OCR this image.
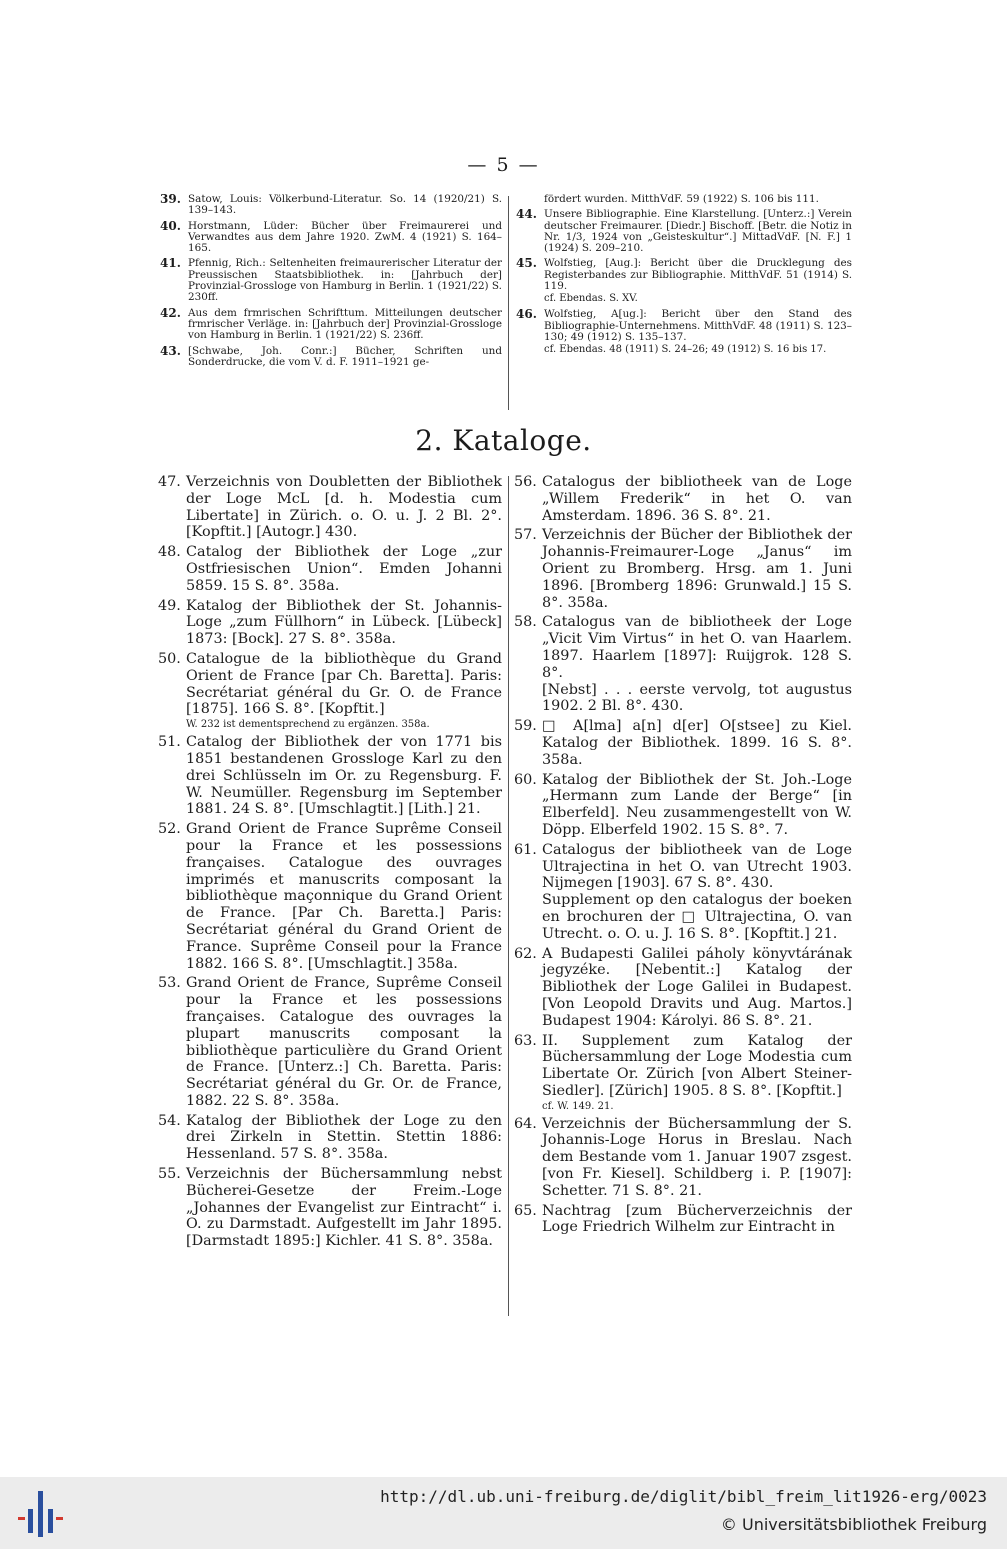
— 5 —
39. Satow, Louis: Völkerbund-Literatur. So. 14 (1920/21) S. 139–143.
40. Horstmann, Lüder: Bücher über Freimaurerei und Verwandtes aus dem Jahre 1920. ZwM. 4 (1921) S. 164–165.
41. Pfennig, Rich.: Seltenheiten freimaurerischer Literatur der Preussischen Staatsbibliothek. in: [Jahrbuch der] Provinzial-Grossloge von Hamburg in Berlin. 1 (1921/22) S. 230ff.
42. Aus dem frmrischen Schrifttum. Mitteilungen deutscher frmrischer Verläge. in: [Jahrbuch der] Provinzial-Grossloge von Hamburg in Berlin. 1 (1921/22) S. 236ff.
43. [Schwabe, Joh. Conr.:] Bücher, Schriften und Sonderdrucke, die vom V. d. F. 1911–1921 ge-
fördert wurden. MitthVdF. 59 (1922) S. 106 bis 111.
44. Unsere Bibliographie. Eine Klarstellung. [Unterz.:] Verein deutscher Freimaurer. [Diedr.] Bischoff. [Betr. die Notiz in Nr. 1/3, 1924 von „Geisteskultur“.] MittadVdF. [N. F.] 1 (1924) S. 209–210.
45. Wolfstieg, [Aug.]: Bericht über die Drucklegung des Registerbandes zur Bibliographie. MitthVdF. 51 (1914) S. 119.
cf. Ebendas. S. XV.
46. Wolfstieg, A[ug.]: Bericht über den Stand des Bibliographie-Unternehmens. MitthVdF. 48 (1911) S. 123–130; 49 (1912) S. 135–137.
cf. Ebendas. 48 (1911) S. 24–26; 49 (1912) S. 16 bis 17.
2. Kataloge.
47. Verzeichnis von Doubletten der Bibliothek der Loge McL [d. h. Modestia cum Libertate] in Zürich. o. O. u. J. 2 Bl. 2°. [Kopftit.] [Autogr.] 430.
48. Catalog der Bibliothek der Loge „zur Ostfriesischen Union“. Emden Johanni 5859. 15 S. 8°. 358a.
49. Katalog der Bibliothek der St. Johannis-Loge „zum Füllhorn“ in Lübeck. [Lübeck] 1873: [Bock]. 27 S. 8°. 358a.
50. Catalogue de la bibliothèque du Grand Orient de France [par Ch. Baretta]. Paris: Secrétariat général du Gr. O. de France [1875]. 166 S. 8°. [Kopftit.]
W. 232 ist dementsprechend zu ergänzen. 358a.
51. Catalog der Bibliothek der von 1771 bis 1851 bestandenen Grossloge Karl zu den drei Schlüsseln im Or. zu Regensburg. F. W. Neumüller. Regensburg im September 1881. 24 S. 8°. [Umschlagtit.] [Lith.] 21.
52. Grand Orient de France Suprême Conseil pour la France et les possessions françaises. Catalogue des ouvrages imprimés et manuscrits composant la bibliothèque maçonnique du Grand Orient de France. [Par Ch. Baretta.] Paris: Secrétariat général du Grand Orient de France. Suprême Conseil pour la France 1882. 166 S. 8°. [Umschlagtit.] 358a.
53. Grand Orient de France, Suprême Conseil pour la France et les possessions françaises. Catalogue des ouvrages la plupart manuscrits composant la bibliothèque particulière du Grand Orient de France. [Unterz.:] Ch. Baretta. Paris: Secrétariat général du Gr. Or. de France, 1882. 22 S. 8°. 358a.
54. Katalog der Bibliothek der Loge zu den drei Zirkeln in Stettin. Stettin 1886: Hessenland. 57 S. 8°. 358a.
55. Verzeichnis der Büchersammlung nebst Bücherei-Gesetze der Freim.-Loge „Johannes der Evangelist zur Eintracht“ i. O. zu Darmstadt. Aufgestellt im Jahr 1895. [Darmstadt 1895:] Kichler. 41 S. 8°. 358a.
56. Catalogus der bibliotheek van de Loge „Willem Frederik“ in het O. van Amsterdam. 1896. 36 S. 8°. 21.
57. Verzeichnis der Bücher der Bibliothek der Johannis-Freimaurer-Loge „Janus“ im Orient zu Bromberg. Hrsg. am 1. Juni 1896. [Bromberg 1896: Grunwald.] 15 S. 8°. 358a.
58. Catalogus van de bibliotheek der Loge „Vicit Vim Virtus“ in het O. van Haarlem. 1897. Haarlem [1897]: Ruijgrok. 128 S. 8°.
[Nebst] . . . eerste vervolg, tot augustus 1902. 2 Bl. 8°. 430.
59. □ A[lma] a[n] d[er] O[stsee] zu Kiel. Katalog der Bibliothek. 1899. 16 S. 8°. 358a.
60. Katalog der Bibliothek der St. Joh.-Loge „Hermann zum Lande der Berge“ [in Elberfeld]. Neu zusammengestellt von W. Döpp. Elberfeld 1902. 15 S. 8°. 7.
61. Catalogus der bibliotheek van de Loge Ultrajectina in het O. van Utrecht 1903. Nijmegen [1903]. 67 S. 8°. 430.
Supplement op den catalogus der boeken en brochuren der □ Ultrajectina, O. van Utrecht. o. O. u. J. 16 S. 8°. [Kopftit.] 21.
62. A Budapesti Galilei páholy könyvtárának jegyzéke. [Nebentit.:] Katalog der Bibliothek der Loge Galilei in Budapest. [Von Leopold Dravits und Aug. Martos.] Budapest 1904: Károlyi. 86 S. 8°. 21.
63. II. Supplement zum Katalog der Büchersammlung der Loge Modestia cum Libertate Or. Zürich [von Albert Steiner-Siedler]. [Zürich] 1905. 8 S. 8°. [Kopftit.]
cf. W. 149. 21.
64. Verzeichnis der Büchersammlung der S. Johannis-Loge Horus in Breslau. Nach dem Bestande vom 1. Januar 1907 zsgest. [von Fr. Kiesel]. Schildberg i. P. [1907]: Schetter. 71 S. 8°. 21.
65. Nachtrag [zum Bücherverzeichnis der Loge Friedrich Wilhelm zur Eintracht in
http://dl.ub.uni-freiburg.de/diglit/bibl_freim_lit1926-erg/0023
© Universitätsbibliothek Freiburg
